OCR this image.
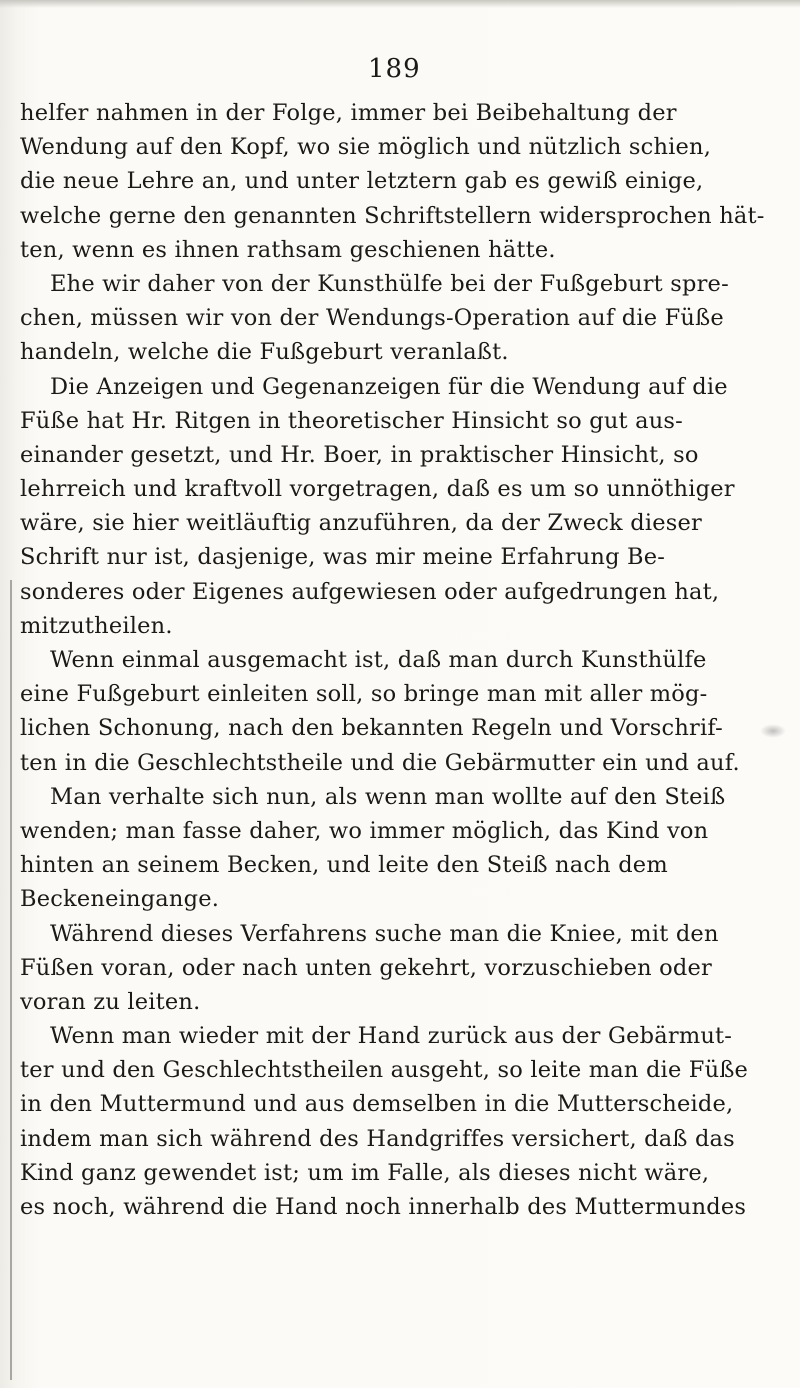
189
helfer nahmen in der Folge, immer bei Beibehaltung der
Wendung auf den Kopf, wo sie möglich und nützlich schien,
die neue Lehre an, und unter letztern gab es gewiß einige,
welche gerne den genannten Schriftstellern widersprochen hät-
ten, wenn es ihnen rathsam geschienen hätte.
Ehe wir daher von der Kunsthülfe bei der Fußgeburt spre-
chen, müssen wir von der Wendungs-Operation auf die Füße
handeln, welche die Fußgeburt veranlaßt.
Die Anzeigen und Gegenanzeigen für die Wendung auf die
Füße hat Hr. Ritgen in theoretischer Hinsicht so gut aus-
einander gesetzt, und Hr. Boer, in praktischer Hinsicht, so
lehrreich und kraftvoll vorgetragen, daß es um so unnöthiger
wäre, sie hier weitläuftig anzuführen, da der Zweck dieser
Schrift nur ist, dasjenige, was mir meine Erfahrung Be-
sonderes oder Eigenes aufgewiesen oder aufgedrungen hat,
mitzutheilen.
Wenn einmal ausgemacht ist, daß man durch Kunsthülfe
eine Fußgeburt einleiten soll, so bringe man mit aller mög-
lichen Schonung, nach den bekannten Regeln und Vorschrif-
ten in die Geschlechtstheile und die Gebärmutter ein und auf.
Man verhalte sich nun, als wenn man wollte auf den Steiß
wenden; man fasse daher, wo immer möglich, das Kind von
hinten an seinem Becken, und leite den Steiß nach dem
Beckeneingange.
Während dieses Verfahrens suche man die Kniee, mit den
Füßen voran, oder nach unten gekehrt, vorzuschieben oder
voran zu leiten.
Wenn man wieder mit der Hand zurück aus der Gebärmut-
ter und den Geschlechtstheilen ausgeht, so leite man die Füße
in den Muttermund und aus demselben in die Mutterscheide,
indem man sich während des Handgriffes versichert, daß das
Kind ganz gewendet ist; um im Falle, als dieses nicht wäre,
es noch, während die Hand noch innerhalb des Muttermundes
